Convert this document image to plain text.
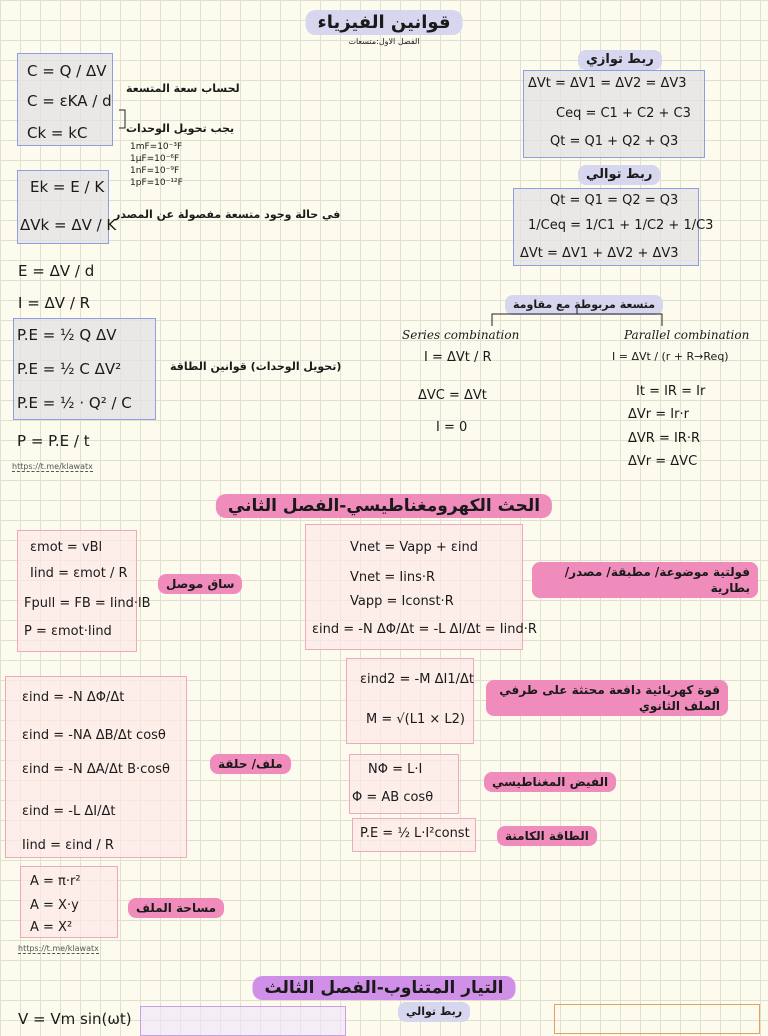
قوانين الفيزياء
الفصل الاول:متسعات
C = Q / ΔV
C = εKA / d
Ck = kC
لحساب سعة المتسعة
يجب تحويل الوحدات
1mF=10⁻³F
1μF=10⁻⁶F
1nF=10⁻⁹F
1pF=10⁻¹²F
Ek = E / K
ΔVk = ΔV / K
في حالة وجود متسعة مفصولة عن المصدر
E = ΔV / d
I = ΔV / R
P.E = ½ Q ΔV
P.E = ½ C ΔV²
P.E = ½ · Q² / C
(تحويل الوحدات) قوانين الطاقة
P = P.E / t
https://t.me/klawatx
ربط توازي
ΔVt = ΔV1 = ΔV2 = ΔV3
Ceq = C1 + C2 + C3
Qt = Q1 + Q2 + Q3
ربط توالي
Qt = Q1 = Q2 = Q3
1/Ceq = 1/C1 + 1/C2 + 1/C3
ΔVt = ΔV1 + ΔV2 + ΔV3
متسعة مربوطة مع مقاومة
Series combination	Parallel combination
I = ΔVt / R
ΔVC = ΔVt
I = 0
I = ΔVt / (r + R→Req)
It = IR = Ir
ΔVr = Ir·r
ΔVR = IR·R
ΔVr = ΔVC
الحث الكهرومغناطيسي-الفصل الثاني
εmot = vBl
Iind = εmot / R
Fpull = FB = Iind·lB
P = εmot·Iind
ساق موصل
εind = -N ΔΦ/Δt
εind = -NA ΔB/Δt cosθ
εind = -N ΔA/Δt B·cosθ
εind = -L ΔI/Δt
Iind = εind / R
ملف/ حلقة
A = π·r²
A = X·y
A = X²
مساحة الملف
https://t.me/klawatx
Vnet = Vapp + εind
Vnet = Iins·R
Vapp = Iconst·R
εind = -N ΔΦ/Δt = -L ΔI/Δt = Iind·R
فولتية موضوعة/ مطبقة/ مصدر/ بطارية
εind2 = -M ΔI1/Δt
M = √(L1 × L2)
قوة كهربائية دافعة محتثة على طرفي الملف الثانوي
NΦ = L·I
Φ = AB cosθ
الفيض المغناطيسي
P.E = ½ L·I²const	الطاقة الكامنة
التيار المتناوب-الفصل الثالث
V = Vm sin(ωt)	ربط توالي
